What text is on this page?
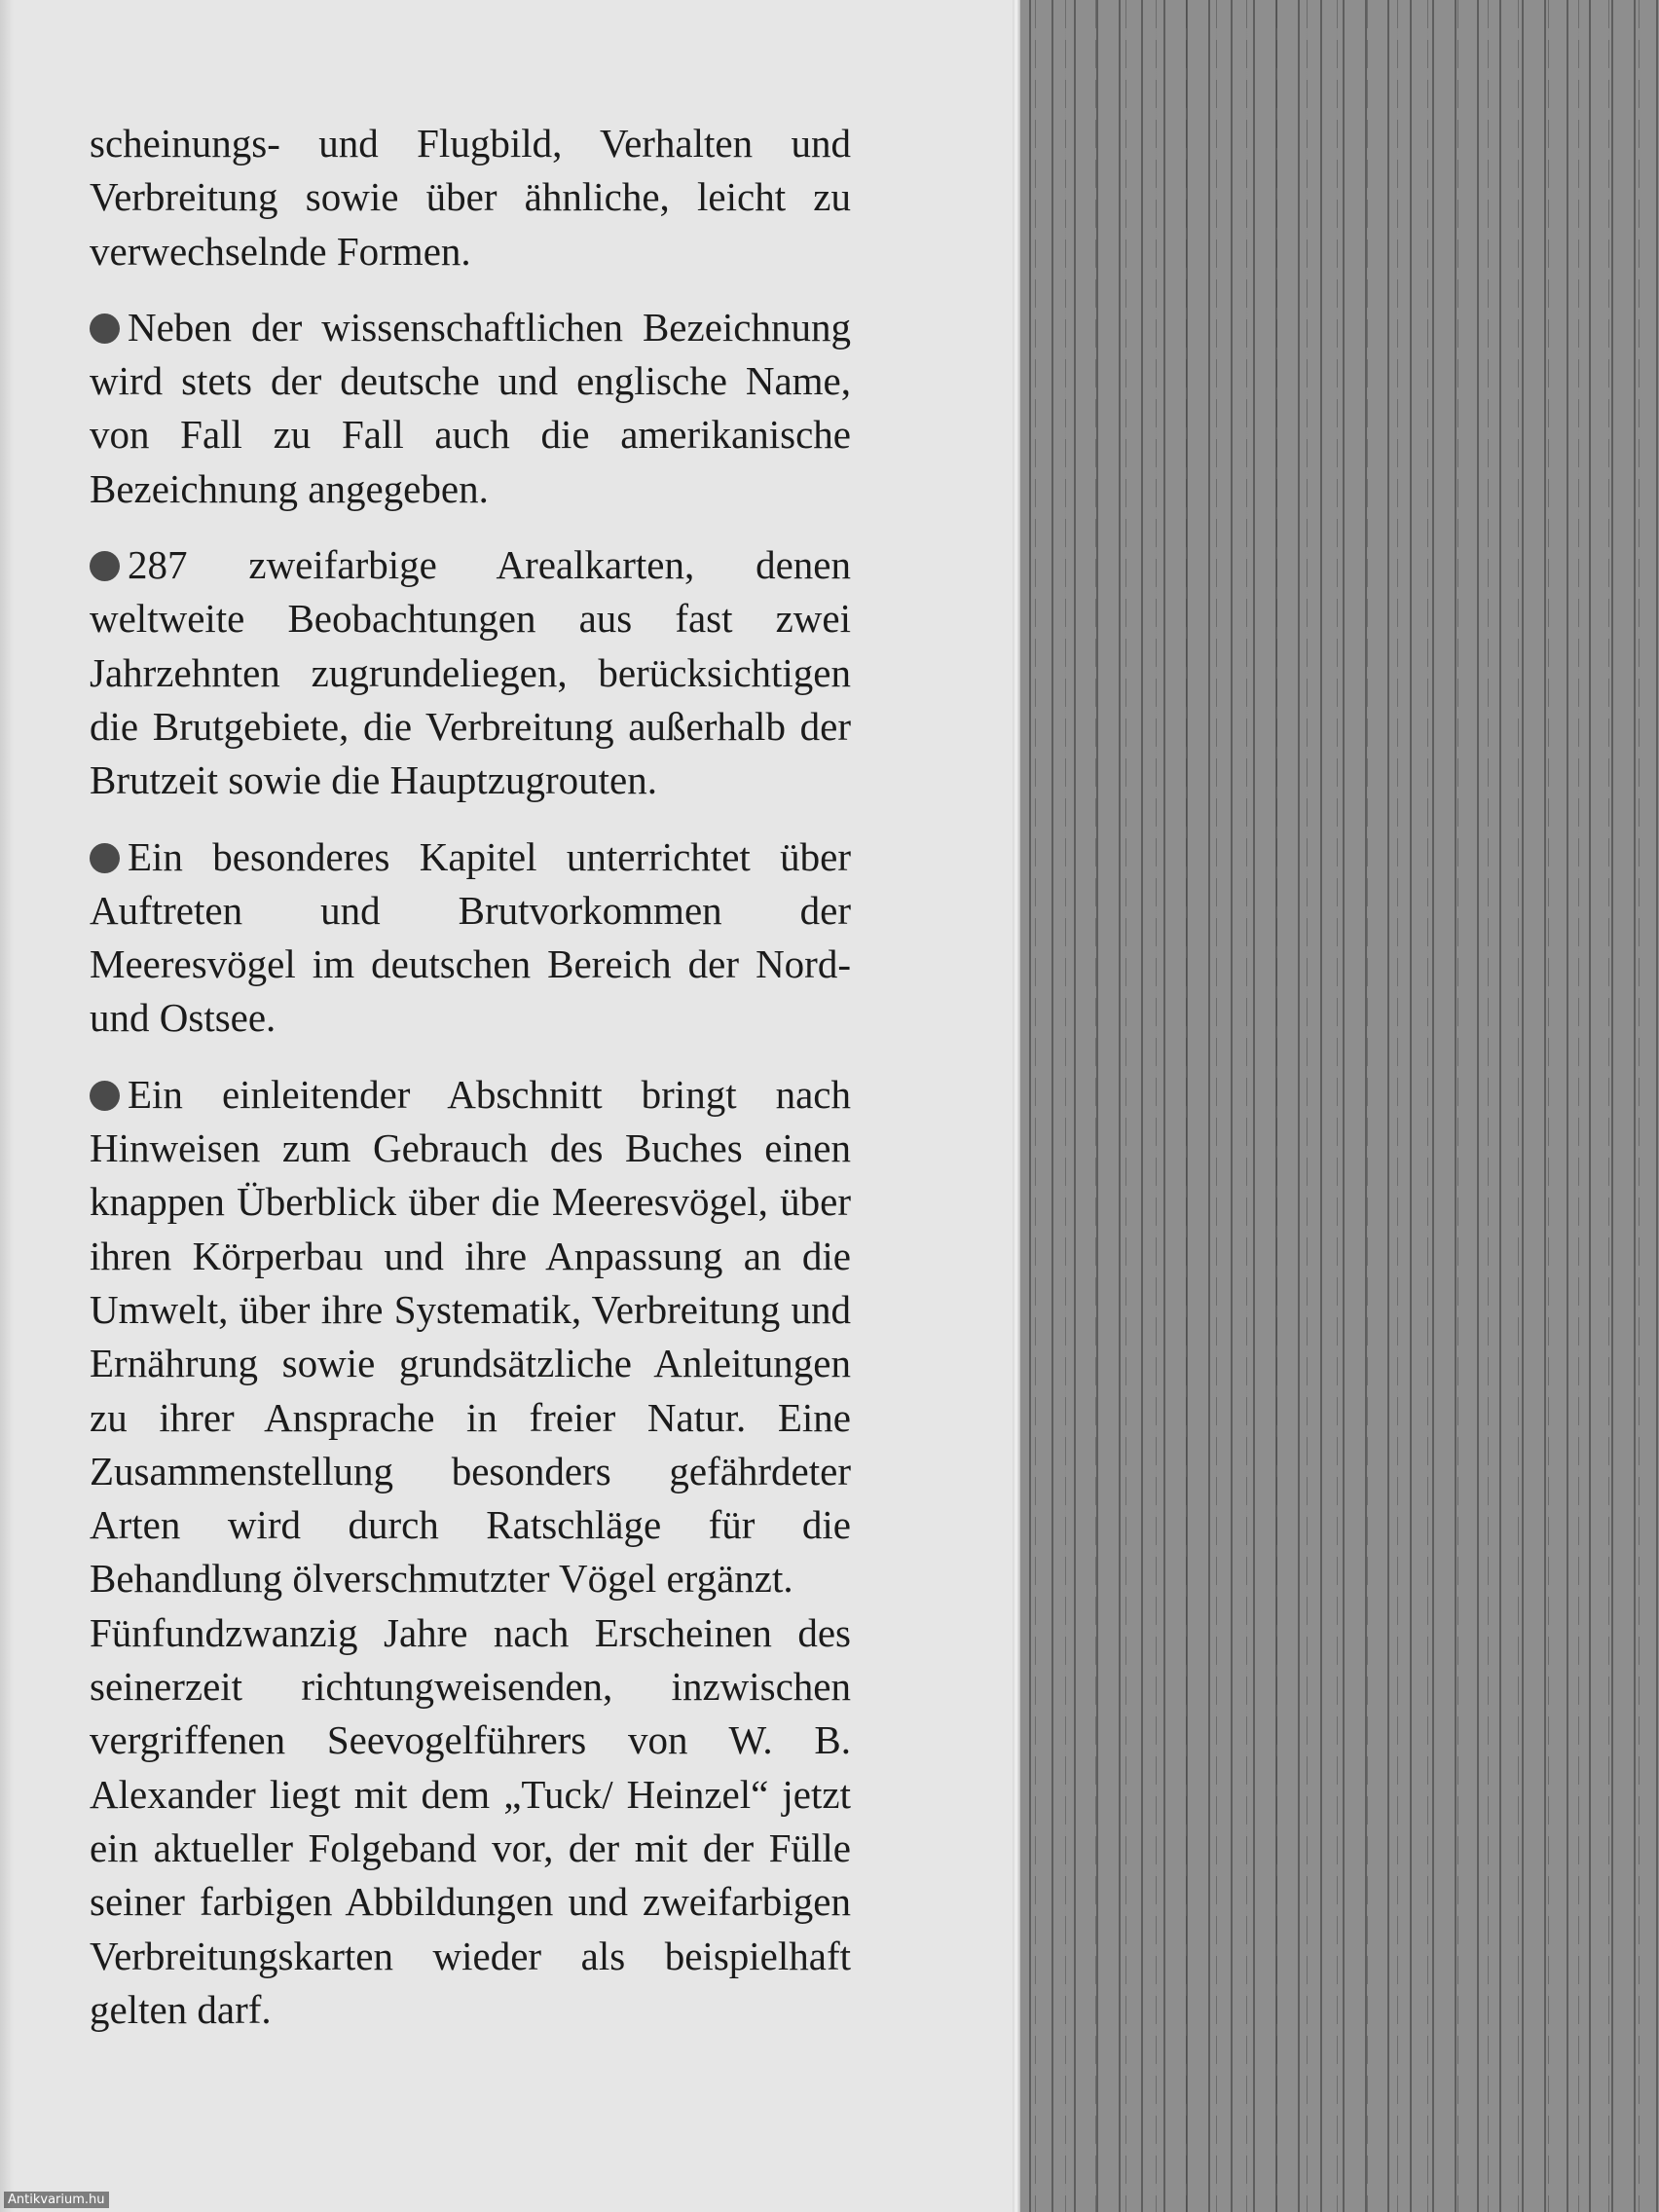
scheinungs- und Flugbild, Verhalten und Verbreitung sowie über ähnliche, leicht zu verwechselnde Formen.

Neben der wissenschaftlichen Bezeichnung wird stets der deutsche und englische Name, von Fall zu Fall auch die amerikanische Bezeichnung angegeben.

287 zweifarbige Arealkarten, denen weltweite Beobachtungen aus fast zwei Jahrzehnten zugrundeliegen, berücksichtigen die Brutgebiete, die Verbreitung außerhalb der Brutzeit sowie die Hauptzugrouten.

Ein besonderes Kapitel unterrichtet über Auftreten und Brutvorkommen der Meeresvögel im deutschen Bereich der Nord- und Ostsee.

Ein einleitender Abschnitt bringt nach Hinweisen zum Gebrauch des Buches einen knappen Überblick über die Meeresvögel, über ihren Körperbau und ihre Anpassung an die Umwelt, über ihre Systematik, Verbreitung und Ernährung sowie grundsätzliche Anleitungen zu ihrer Ansprache in freier Natur. Eine Zusammenstellung besonders gefährdeter Arten wird durch Ratschläge für die Behandlung ölverschmutzter Vögel ergänzt.

Fünfundzwanzig Jahre nach Erscheinen des seinerzeit richtungweisenden, inzwischen vergriffenen Seevogelführers von W. B. Alexander liegt mit dem „Tuck/ Heinzel“ jetzt ein aktueller Folgeband vor, der mit der Fülle seiner farbigen Abbildungen und zweifarbigen Verbreitungskarten wieder als beispielhaft gelten darf.

Antikvarium.hu
